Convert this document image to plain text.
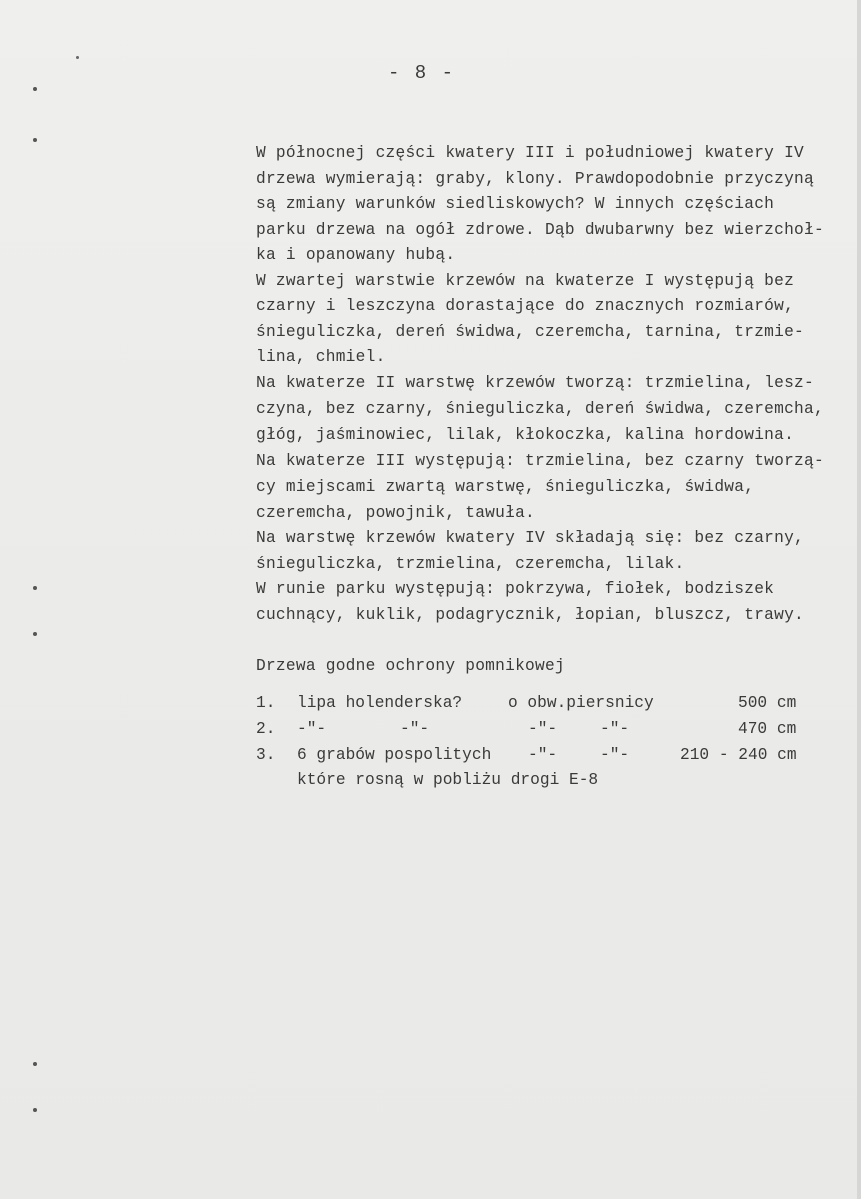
- 8 -
W północnej części kwatery III i południowej kwatery IV
drzewa wymierają: graby, klony. Prawdopodobnie przyczyną
są zmiany warunków siedliskowych? W innych częściach
parku drzewa na ogół zdrowe. Dąb dwubarwny bez wierzchoł-
ka i opanowany hubą.
W zwartej warstwie krzewów na kwaterze I występują bez
czarny i leszczyna dorastające do znacznych rozmiarów,
śnieguliczka, dereń świdwa, czeremcha, tarnina, trzmie-
lina, chmiel.
Na kwaterze II warstwę krzewów tworzą: trzmielina, lesz-
czyna, bez czarny, śnieguliczka, dereń świdwa, czeremcha,
głóg, jaśminowiec, lilak, kłokoczka, kalina hordowina.
Na kwaterze III występują: trzmielina, bez czarny tworzą-
cy miejscami zwartą warstwę, śnieguliczka, świdwa,
czeremcha, powojnik, tawuła.
Na warstwę krzewów kwatery IV składają się: bez czarny,
śnieguliczka, trzmielina, czeremcha, lilak.
W runie parku występują: pokrzywa, fiołek, bodziszek
cuchnący, kuklik, podagrycznik, łopian, bluszcz, trawy.
Drzewa godne ochrony pomnikowej
1. lipa holenderska?	o obw.piersnicy	500 cm
2. -"-	-"-	-"-	-"-	470 cm
3. 6 grabów pospolitych -"-	-"-	210 - 240 cm
które rosną w pobliżu drogi E-8
